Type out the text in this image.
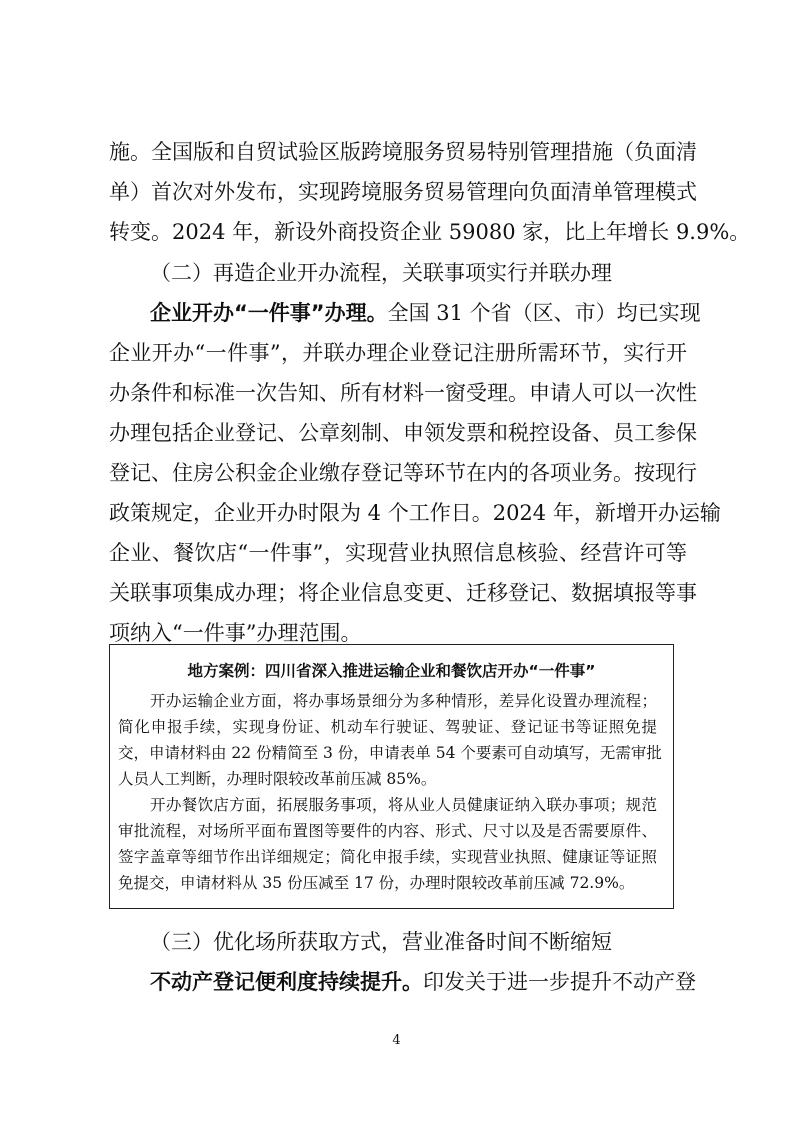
施。全国版和自贸试验区版跨境服务贸易特别管理措施（负面清
单）首次对外发布，实现跨境服务贸易管理向负面清单管理模式
转变。2024 年，新设外商投资企业 59080 家，比上年增长 9.9%。
（二）再造企业开办流程，关联事项实行并联办理
企业开办“一件事”办理。全国 31 个省（区、市）均已实现
企业开办“一件事”，并联办理企业登记注册所需环节，实行开
办条件和标准一次告知、所有材料一窗受理。申请人可以一次性
办理包括企业登记、公章刻制、申领发票和税控设备、员工参保
登记、住房公积金企业缴存登记等环节在内的各项业务。按现行
政策规定，企业开办时限为 4 个工作日。2024 年，新增开办运输
企业、餐饮店“一件事”，实现营业执照信息核验、经营许可等
关联事项集成办理；将企业信息变更、迁移登记、数据填报等事
项纳入“一件事”办理范围。
地方案例：四川省深入推进运输企业和餐饮店开办“一件事”
开办运输企业方面，将办事场景细分为多种情形，差异化设置办理流程；
简化申报手续，实现身份证、机动车行驶证、驾驶证、登记证书等证照免提
交，申请材料由 22 份精简至 3 份，申请表单 54 个要素可自动填写，无需审批
人员人工判断，办理时限较改革前压减 85%。
开办餐饮店方面，拓展服务事项，将从业人员健康证纳入联办事项；规范
审批流程，对场所平面布置图等要件的内容、形式、尺寸以及是否需要原件、
签字盖章等细节作出详细规定；简化申报手续，实现营业执照、健康证等证照
免提交，申请材料从 35 份压减至 17 份，办理时限较改革前压减 72.9%。
（三）优化场所获取方式，营业准备时间不断缩短
不动产登记便利度持续提升。印发关于进一步提升不动产登
4
